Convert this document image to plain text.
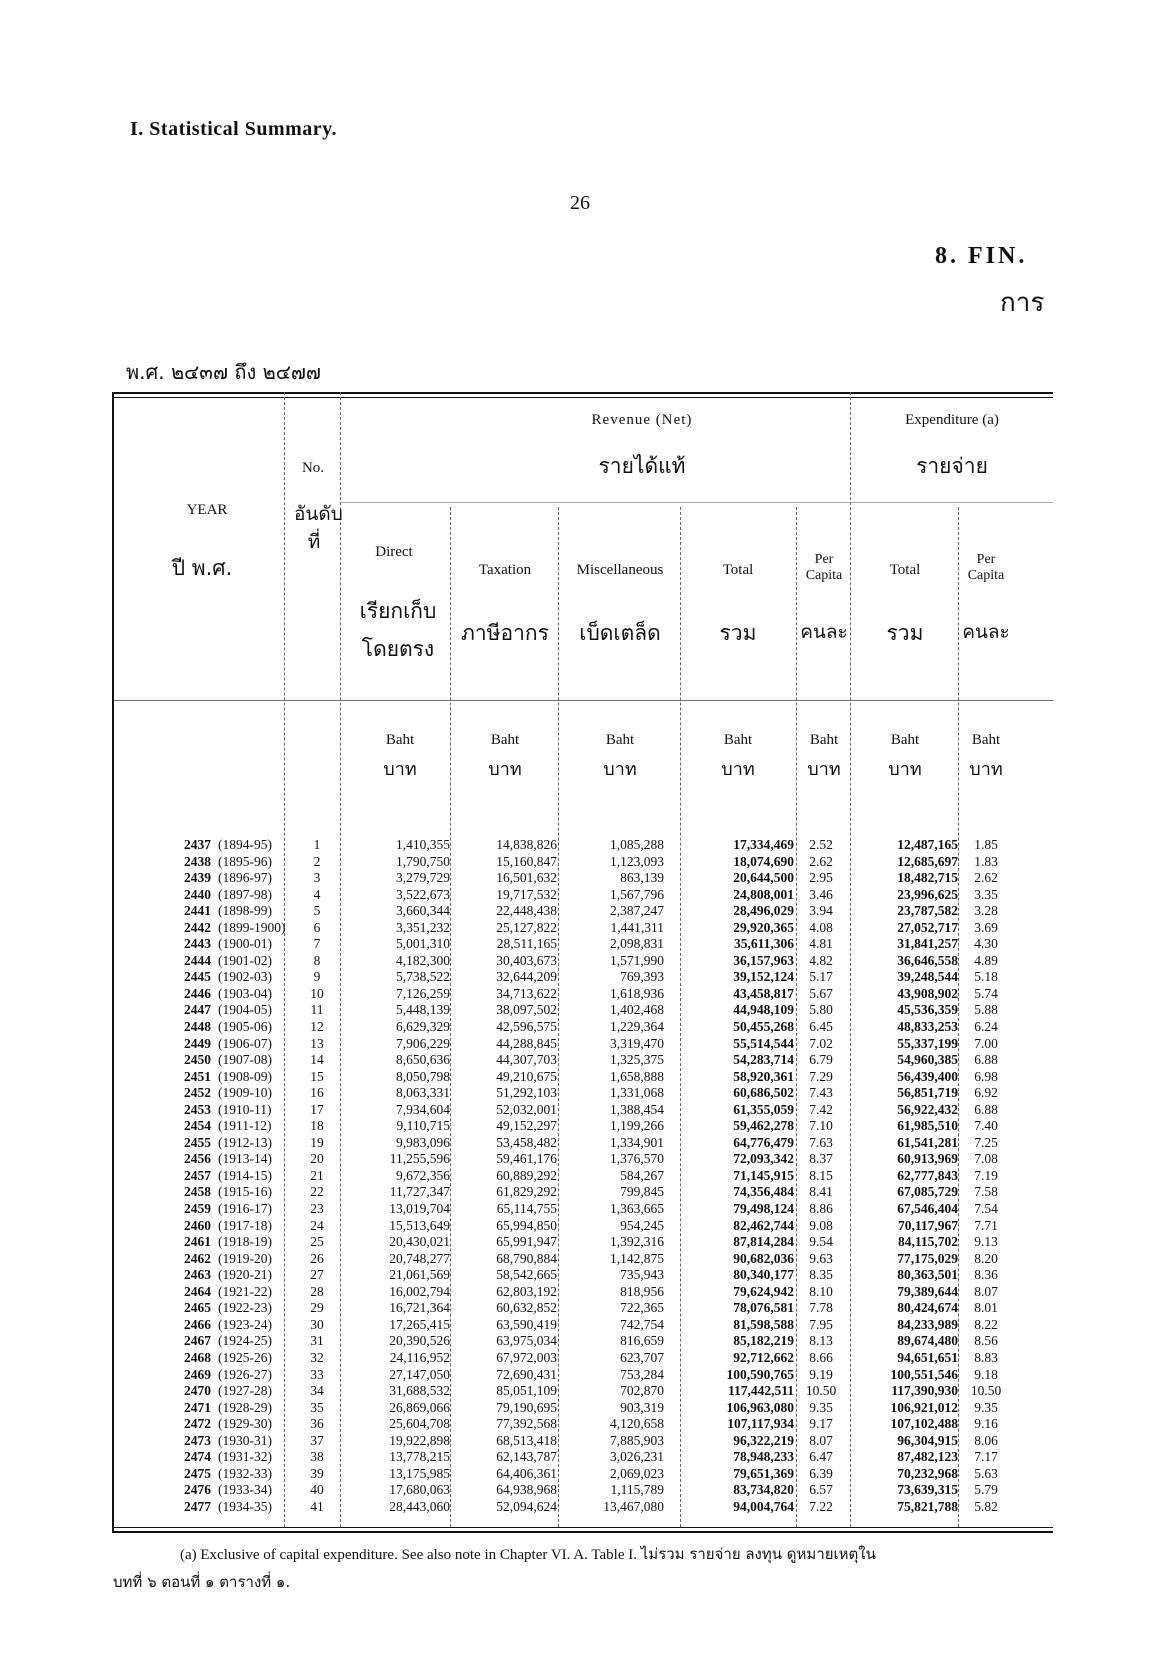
I. Statistical Summary.
26
8. FIN.
การ
พ.ศ. ๒๔๓๗ ถึง ๒๔๗๗
YEAR
ปี พ.ศ.
No.
อันดับที่
Revenue (Net)
รายได้แท้
Expenditure (a)
รายจ่าย
Direct
เรียกเก็บโดยตรง
Taxation
ภาษีอากร
Miscellaneous
เบ็ดเตล็ด
Total
รวม
Per Capita
คนละ
Total
รวม
Per Capita
คนละ
Baht
บาท
Baht
บาท
Baht
บาท
Baht
บาท
Baht
บาท
Baht
บาท
Baht
บาท
2437 (1894-95)	1	1,410,355	14,838,826	1,085,288	17,334,469	2.52	12,487,165	1.85
2438 (1895-96)	2	1,790,750	15,160,847	1,123,093	18,074,690	2.62	12,685,697	1.83
2439 (1896-97)	3	3,279,729	16,501,632	863,139	20,644,500	2.95	18,482,715	2.62
2440 (1897-98)	4	3,522,673	19,717,532	1,567,796	24,808,001	3.46	23,996,625	3.35
2441 (1898-99)	5	3,660,344	22,448,438	2,387,247	28,496,029	3.94	23,787,582	3.28
2442 (1899-1900)	6	3,351,232	25,127,822	1,441,311	29,920,365	4.08	27,052,717	3.69
2443 (1900-01)	7	5,001,310	28,511,165	2,098,831	35,611,306	4.81	31,841,257	4.30
2444 (1901-02)	8	4,182,300	30,403,673	1,571,990	36,157,963	4.82	36,646,558	4.89
2445 (1902-03)	9	5,738,522	32,644,209	769,393	39,152,124	5.17	39,248,544	5.18
2446 (1903-04)	10	7,126,259	34,713,622	1,618,936	43,458,817	5.67	43,908,902	5.74
2447 (1904-05)	11	5,448,139	38,097,502	1,402,468	44,948,109	5.80	45,536,359	5.88
2448 (1905-06)	12	6,629,329	42,596,575	1,229,364	50,455,268	6.45	48,833,253	6.24
2449 (1906-07)	13	7,906,229	44,288,845	3,319,470	55,514,544	7.02	55,337,199	7.00
2450 (1907-08)	14	8,650,636	44,307,703	1,325,375	54,283,714	6.79	54,960,385	6.88
2451 (1908-09)	15	8,050,798	49,210,675	1,658,888	58,920,361	7.29	56,439,400	6.98
2452 (1909-10)	16	8,063,331	51,292,103	1,331,068	60,686,502	7.43	56,851,719	6.92
2453 (1910-11)	17	7,934,604	52,032,001	1,388,454	61,355,059	7.42	56,922,432	6.88
2454 (1911-12)	18	9,110,715	49,152,297	1,199,266	59,462,278	7.10	61,985,510	7.40
2455 (1912-13)	19	9,983,096	53,458,482	1,334,901	64,776,479	7.63	61,541,281	7.25
2456 (1913-14)	20	11,255,596	59,461,176	1,376,570	72,093,342	8.37	60,913,969	7.08
2457 (1914-15)	21	9,672,356	60,889,292	584,267	71,145,915	8.15	62,777,843	7.19
2458 (1915-16)	22	11,727,347	61,829,292	799,845	74,356,484	8.41	67,085,729	7.58
2459 (1916-17)	23	13,019,704	65,114,755	1,363,665	79,498,124	8.86	67,546,404	7.54
2460 (1917-18)	24	15,513,649	65,994,850	954,245	82,462,744	9.08	70,117,967	7.71
2461 (1918-19)	25	20,430,021	65,991,947	1,392,316	87,814,284	9.54	84,115,702	9.13
2462 (1919-20)	26	20,748,277	68,790,884	1,142,875	90,682,036	9.63	77,175,029	8.20
2463 (1920-21)	27	21,061,569	58,542,665	735,943	80,340,177	8.35	80,363,501	8.36
2464 (1921-22)	28	16,002,794	62,803,192	818,956	79,624,942	8.10	79,389,644	8.07
2465 (1922-23)	29	16,721,364	60,632,852	722,365	78,076,581	7.78	80,424,674	8.01
2466 (1923-24)	30	17,265,415	63,590,419	742,754	81,598,588	7.95	84,233,989	8.22
2467 (1924-25)	31	20,390,526	63,975,034	816,659	85,182,219	8.13	89,674,480	8.56
2468 (1925-26)	32	24,116,952	67,972,003	623,707	92,712,662	8.66	94,651,651	8.83
2469 (1926-27)	33	27,147,050	72,690,431	753,284	100,590,765	9.19	100,551,546	9.18
2470 (1927-28)	34	31,688,532	85,051,109	702,870	117,442,511 10.50	117,390,930 10.50
2471 (1928-29)	35	26,869,066	79,190,695	903,319	106,963,080	9.35	106,921,012	9.35
2472 (1929-30)	36	25,604,708	77,392,568	4,120,658	107,117,934	9.17	107,102,488	9.16
2473 (1930-31)	37	19,922,898	68,513,418	7,885,903	96,322,219	8.07	96,304,915	8.06
2474 (1931-32)	38	13,778,215	62,143,787	3,026,231	78,948,233	6.47	87,482,123	7.17
2475 (1932-33)	39	13,175,985	64,406,361	2,069,023	79,651,369	6.39	70,232,968	5.63
2476 (1933-34)	40	17,680,063	64,938,968	1,115,789	83,734,820	6.57	73,639,315	5.79
2477 (1934-35)	41	28,443,060	52,094,624	13,467,080	94,004,764	7.22	75,821,788	5.82
(a) Exclusive of capital expenditure. See also note in Chapter VI. A. Table I. ไม่รวม รายจ่าย ลงทุน ดูหมายเหตุใน
บทที่ ๖ ตอนที่ ๑ ตารางที่ ๑.
